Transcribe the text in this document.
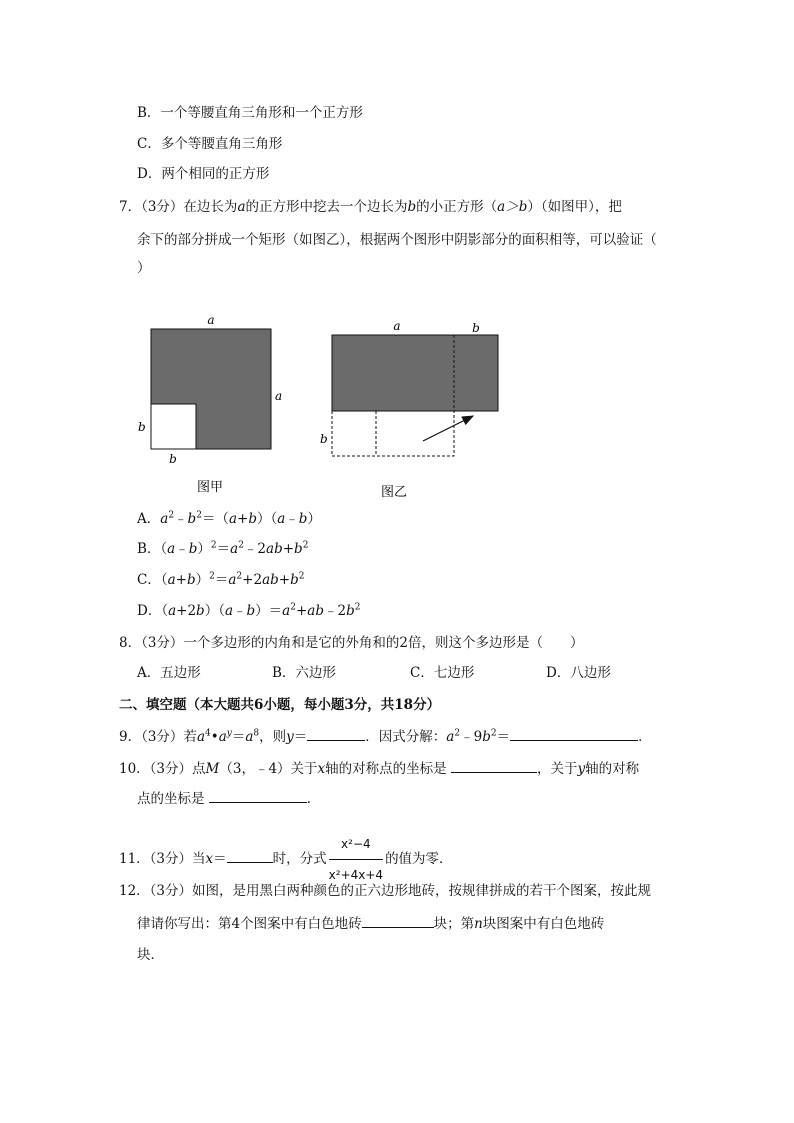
B．一个等腰直角三角形和一个正方形
C．多个等腰直角三角形
D．两个相同的正方形
7．（3分）在边长为a的正方形中挖去一个边长为b的小正方形（a＞b）（如图甲），把
余下的部分拼成一个矩形（如图乙），根据两个图形中阴影部分的面积相等，可以验证（
）
a
a
b
b
图甲
a	b
b
图乙
A．$a^2﹣b^2=(a+b)(a﹣b)$
B．$(a﹣b)^2=a^2﹣2ab+b^2$
C．$(a+b)^2=a^2+2ab+b^2$
D．$(a+2b)(a﹣b)=a^2+ab﹣2b^2$
8．（3分）一个多边形的内角和是它的外角和的2倍，则这个多边形是（　　）
A．五边形	B．六边形	C．七边形	D．八边形
二、填空题（本大题共6小题，每小题3分，共18分）
9．（3分）若$a^4•a^y=a^8$，则y＝	．因式分解：$a^2﹣9b^2=$	．
10．（3分）点M（3，﹣4）关于x轴的对称点的坐标是	，关于y轴的对称
点的坐标是	．
11．（3分）当x＝	时，分式 $\frac{\text{x²−4}}{\text{x²+4x+4}}$ 的值为零．
12．（3分）如图，是用黑白两种颜色的正六边形地砖，按规律拼成的若干个图案，按此规
律请你写出：第4个图案中有白色地砖	块；第n块图案中有白色地砖
块．
